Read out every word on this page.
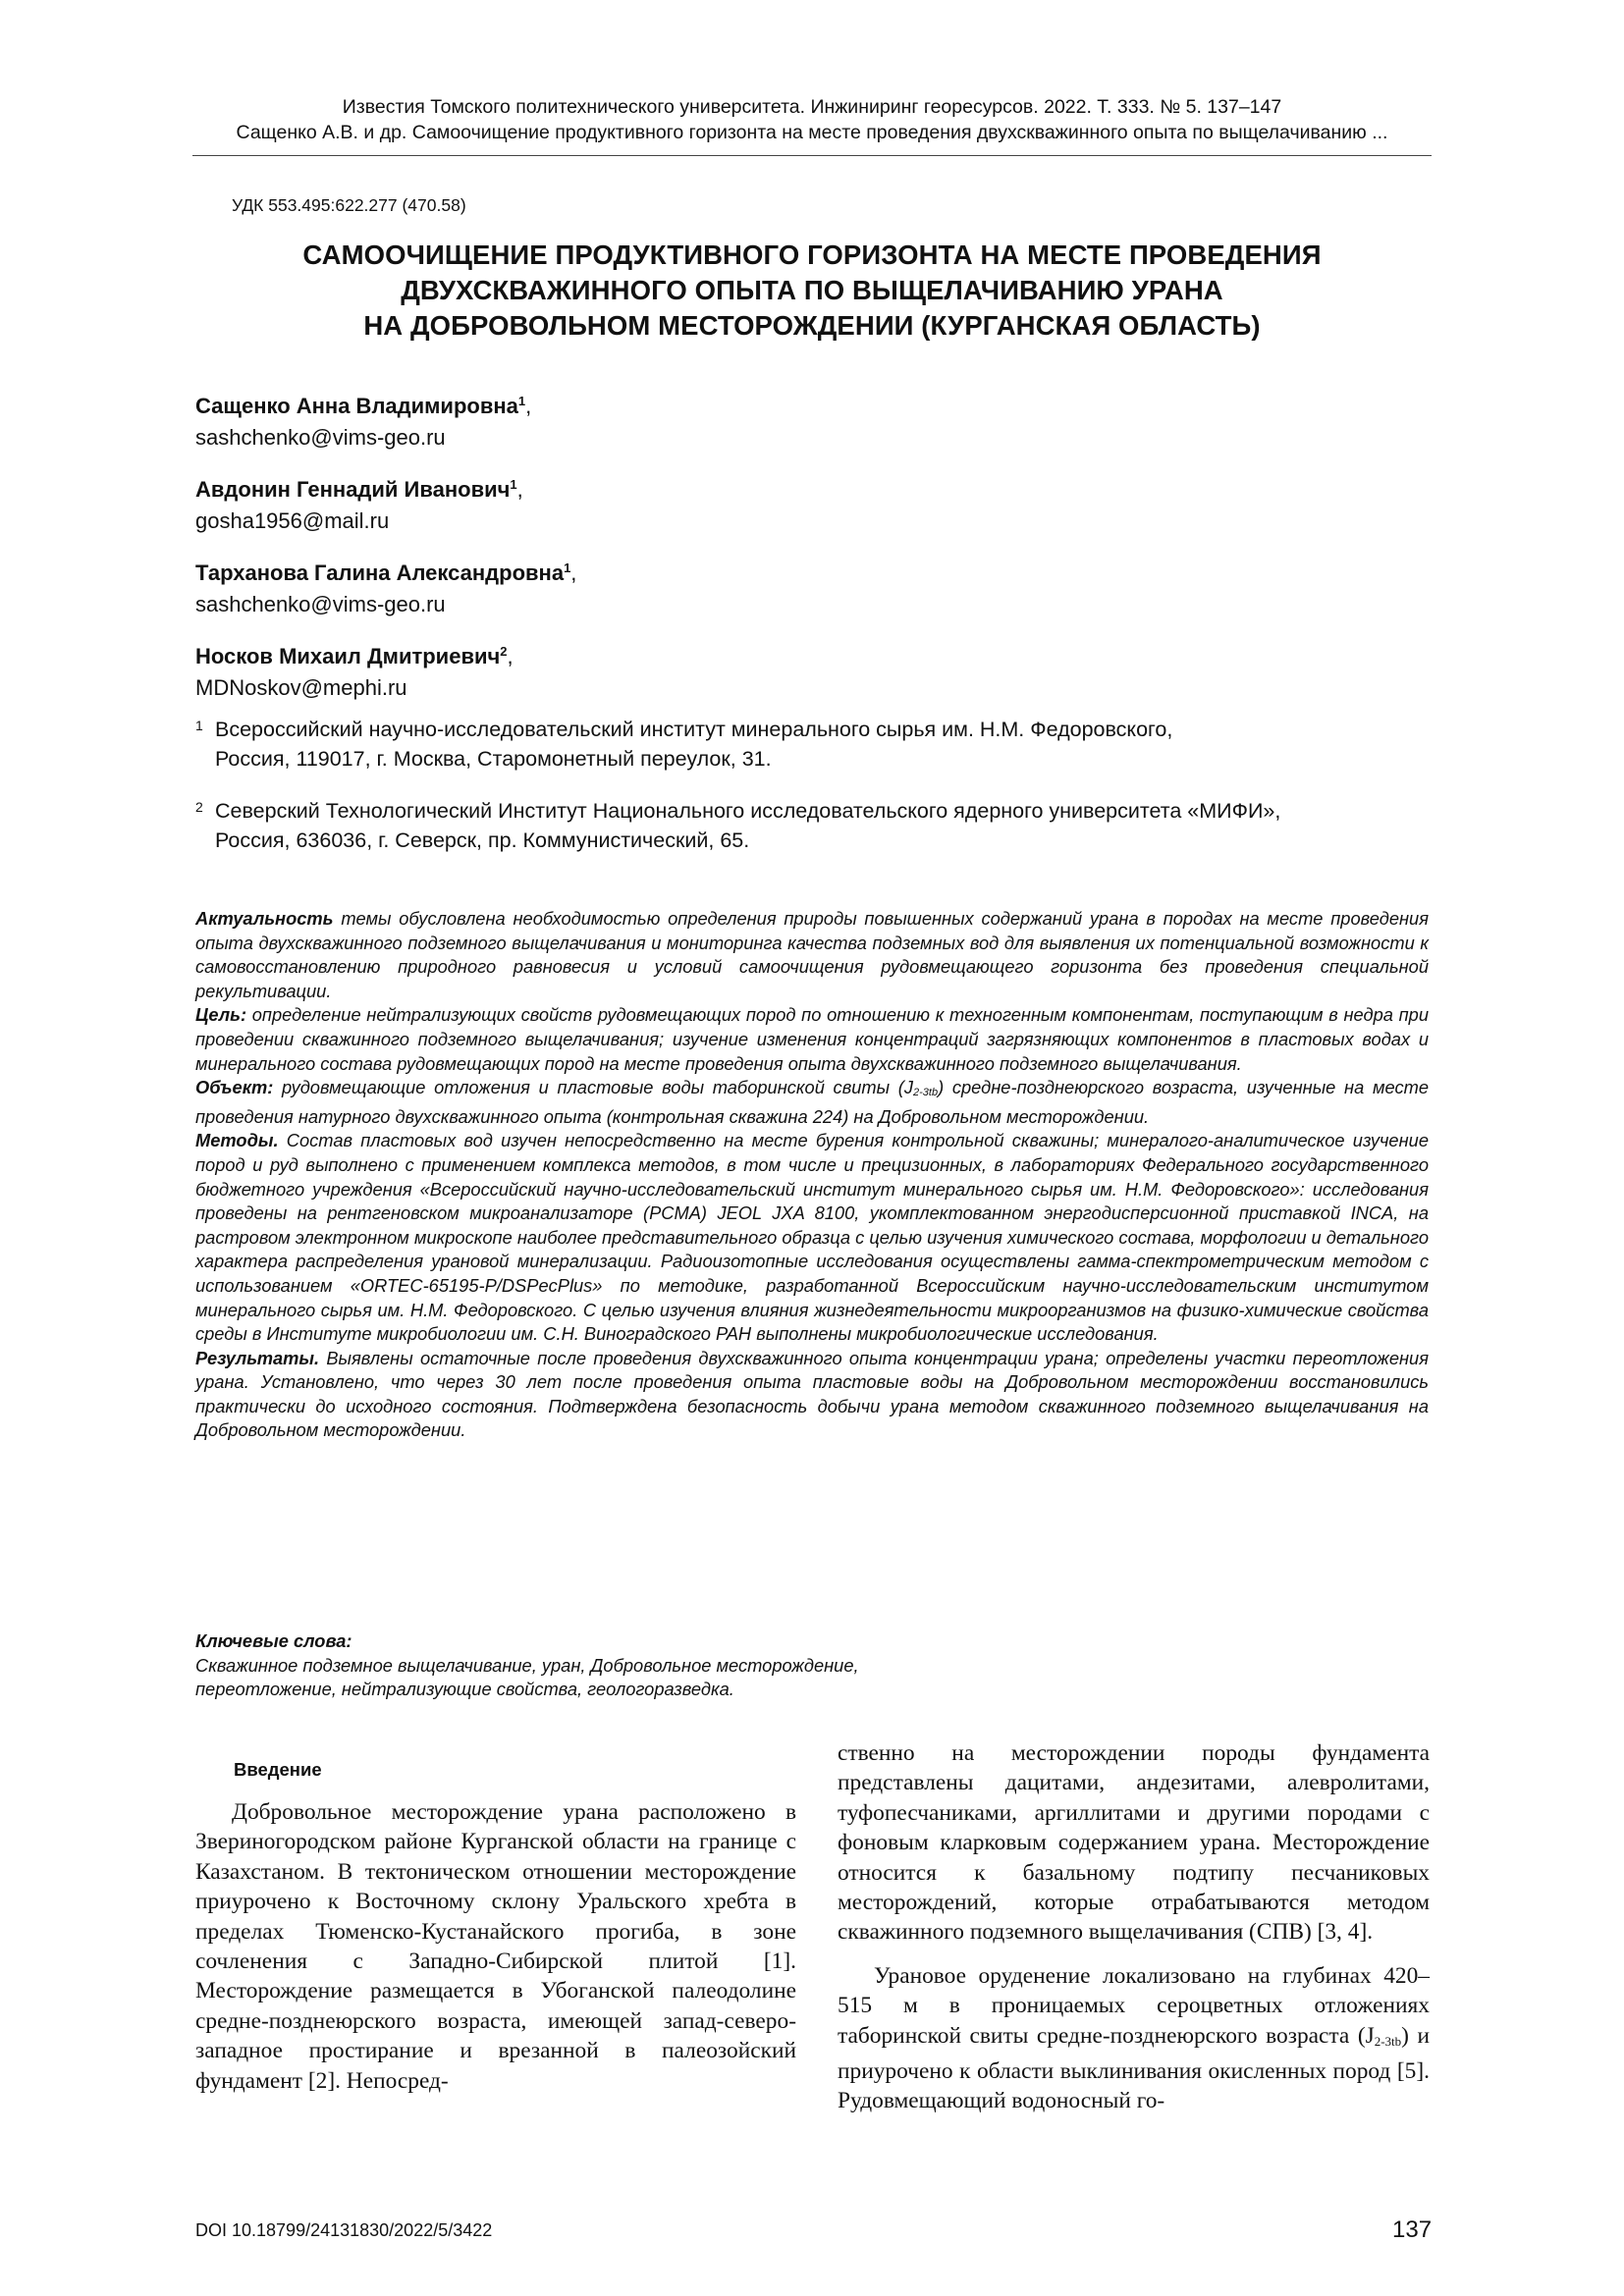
Известия Томского политехнического университета. Инжиниринг георесурсов. 2022. Т. 333. № 5. 137–147
Сащенко А.В. и др. Самоочищение продуктивного горизонта на месте проведения двухскважинного опыта по выщелачиванию ...
УДК 553.495:622.277 (470.58)
САМООЧИЩЕНИЕ ПРОДУКТИВНОГО ГОРИЗОНТА НА МЕСТЕ ПРОВЕДЕНИЯ
ДВУХСКВАЖИННОГО ОПЫТА ПО ВЫЩЕЛАЧИВАНИЮ УРАНА
НА ДОБРОВОЛЬНОМ МЕСТОРОЖДЕНИИ (КУРГАНСКАЯ ОБЛАСТЬ)
Сащенко Анна Владимировна$^1$,
sashchenko@vims-geo.ru
Авдонин Геннадий Иванович$^1$,
gosha1956@mail.ru
Тарханова Галина Александровна$^1$,
sashchenko@vims-geo.ru
Носков Михаил Дмитриевич$^2$,
MDNoskov@mephi.ru
1 Всероссийский научно-исследовательский институт минерального сырья им. Н.М. Федоровского,
Россия, 119017, г. Москва, Старомонетный переулок, 31.
2 Северский Технологический Институт Национального исследовательского ядерного университета «МИФИ»,
Россия, 636036, г. Северск, пр. Коммунистический, 65.

Актуальность темы обусловлена необходимостью определения природы повышенных содержаний урана в породах на месте проведения опыта двухскважинного подземного выщелачивания и мониторинга качества подземных вод для выявления их потенциальной возможности к самовосстановлению природного равновесия и условий самоочищения рудовмещающего горизонта без проведения специальной рекультивации.

Цель: определение нейтрализующих свойств рудовмещающих пород по отношению к техногенным компонентам, поступающим в недра при проведении скважинного подземного выщелачивания; изучение изменения концентраций загрязняющих компонентов в пластовых водах и минерального состава рудовмещающих пород на месте проведения опыта двухскважинного подземного выщелачивания.

Объект: рудовмещающие отложения и пластовые воды таборинской свиты $(J_{2-3tb})$ средне-позднеюрского возраста, изученные на месте проведения натурного двухскважинного опыта (контрольная скважина 224) на Добровольном месторождении.

Методы. Состав пластовых вод изучен непосредственно на месте бурения контрольной скважины; минералого-аналитическое изучение пород и руд выполнено с применением комплекса методов, в том числе и прецизионных, в лабораториях Федерального государственного бюджетного учреждения «Всероссийский научно-исследовательский институт минерального сырья им. Н.М. Федоровского»: исследования проведены на рентгеновском микроанализаторе (PCMA) JEOL JXA 8100, укомплектованном энергодисперсионной приставкой INCA, на растровом электронном микроскопе наиболее представительного образца с целью изучения химического состава, морфологии и детального характера распределения урановой минерализации. Радиоизотопные исследования осуществлены гамма-спектрометрическим методом с использованием «ORTEC-65195-P/DSPecPlus» по методике, разработанной Всероссийским научно-исследовательским институтом минерального сырья им. Н.М. Федоровского. С целью изучения влияния жизнедеятельности микроорганизмов на физико-химические свойства среды в Институте микробиологии им. С.Н. Виноградского РАН выполнены микробиологические исследования.

Результаты. Выявлены остаточные после проведения двухскважинного опыта концентрации урана; определены участки переотложения урана. Установлено, что через 30 лет после проведения опыта пластовые воды на Добровольном месторождении восстановились практически до исходного состояния. Подтверждена безопасность добычи урана методом скважинного подземного выщелачивания на Добровольном месторождении.

Ключевые слова:
Скважинное подземное выщелачивание, уран, Добровольное месторождение,
переотложение, нейтрализующие свойства, геологоразведка.
Введение

Добровольное месторождение урана расположено в Звериногородском районе Курганской области на границе с Казахстаном. В тектоническом отношении месторождение приурочено к Восточному склону Уральского хребта в пределах Тюменско-Кустанайского прогиба, в зоне сочленения с Западно-Сибирской плитой [1]. Месторождение размещается в Убоганской палеодолине средне-позднеюрского возраста, имеющей запад-северо-западное простирание и врезанной в палеозойский фундамент [2]. Непосред-

ственно на месторождении породы фундамента представлены дацитами, андезитами, алевролитами, туфопесчаниками, аргиллитами и другими породами с фоновым кларковым содержанием урана. Месторождение относится к базальному подтипу песчаниковых месторождений, которые отрабатываются методом скважинного подземного выщелачивания (СПВ) [3, 4].

Урановое оруденение локализовано на глубинах 420–515 м в проницаемых сероцветных отложениях таборинской свиты средне-позднеюрского возраста $(J_{2-3tb})$ и приурочено к области выклинивания окисленных пород [5]. Рудовмещающий водоносный го-

DOI 10.18799/24131830/2022/5/3422	137
